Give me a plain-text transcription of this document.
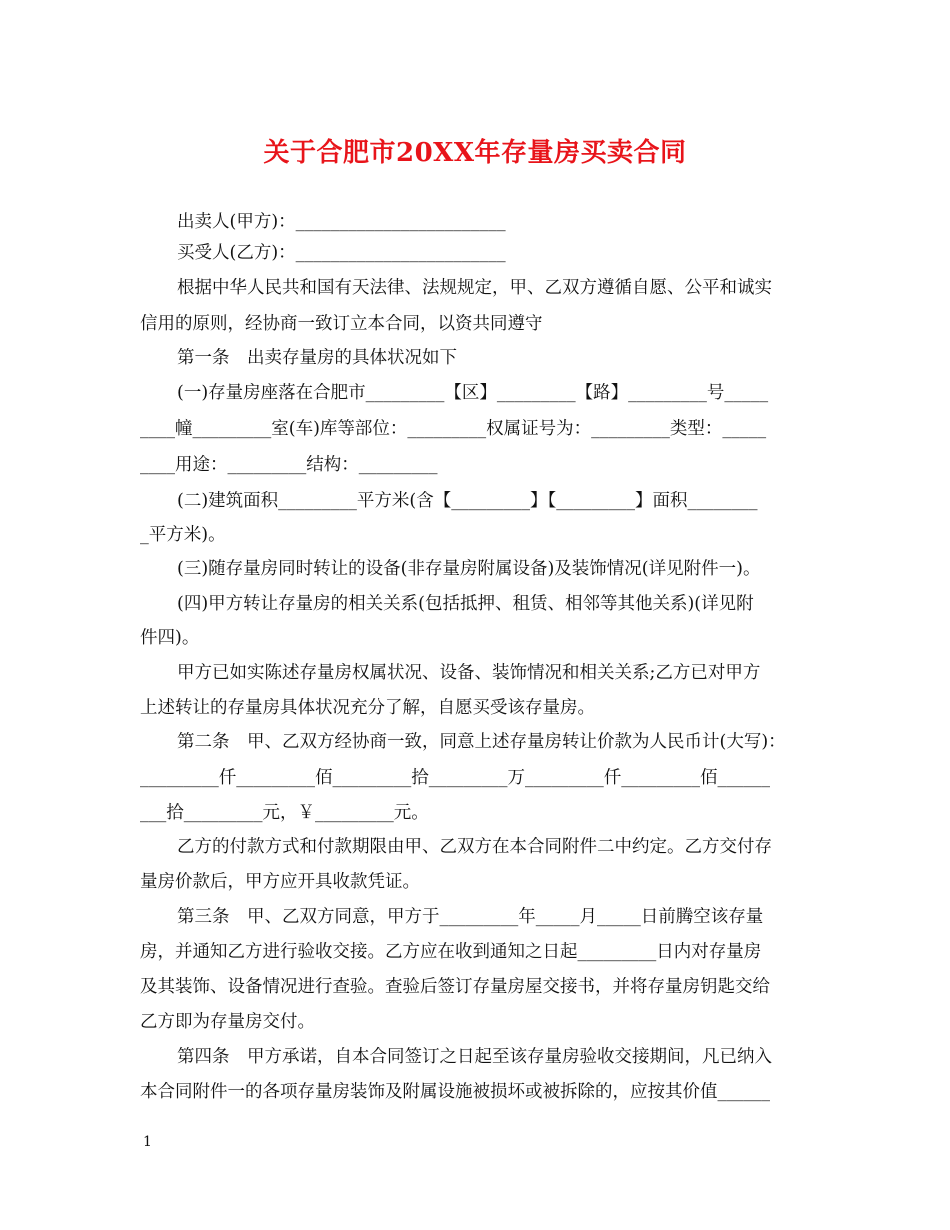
关于合肥市20XX年存量房买卖合同
出卖人(甲方)：________________________
买受人(乙方)：________________________
根据中华人民共和国有天法律、法规规定，甲、乙双方遵循自愿、公平和诚实
信用的原则，经协商一致订立本合同，以资共同遵守
第一条　出卖存量房的具体状况如下
(一)存量房座落在合肥市_________【区】_________【路】_________号_____
____幢_________室(车)库等部位：_________权属证号为：_________类型：_____
____用途：_________结构：_________
(二)建筑面积_________平方米(含【_________】【_________】面积________
_平方米)。
(三)随存量房同时转让的设备(非存量房附属设备)及装饰情况(详见附件一)。
(四)甲方转让存量房的相关关系(包括抵押、租赁、相邻等其他关系)(详见附
件四)。
甲方已如实陈述存量房权属状况、设备、装饰情况和相关关系;乙方已对甲方
上述转让的存量房具体状况充分了解，自愿买受该存量房。
第二条　甲、乙双方经协商一致，同意上述存量房转让价款为人民币计(大写)：
_________仟_________佰_________拾_________万_________仟_________佰______
___拾_________元，￥_________元。
乙方的付款方式和付款期限由甲、乙双方在本合同附件二中约定。乙方交付存
量房价款后，甲方应开具收款凭证。
第三条　甲、乙双方同意，甲方于_________年_____月_____日前腾空该存量
房，并通知乙方进行验收交接。乙方应在收到通知之日起_________日内对存量房
及其装饰、设备情况进行查验。查验后签订存量房屋交接书，并将存量房钥匙交给
乙方即为存量房交付。
第四条　甲方承诺，自本合同签订之日起至该存量房验收交接期间，凡已纳入
本合同附件一的各项存量房装饰及附属设施被损坏或被拆除的，应按其价值______
1
